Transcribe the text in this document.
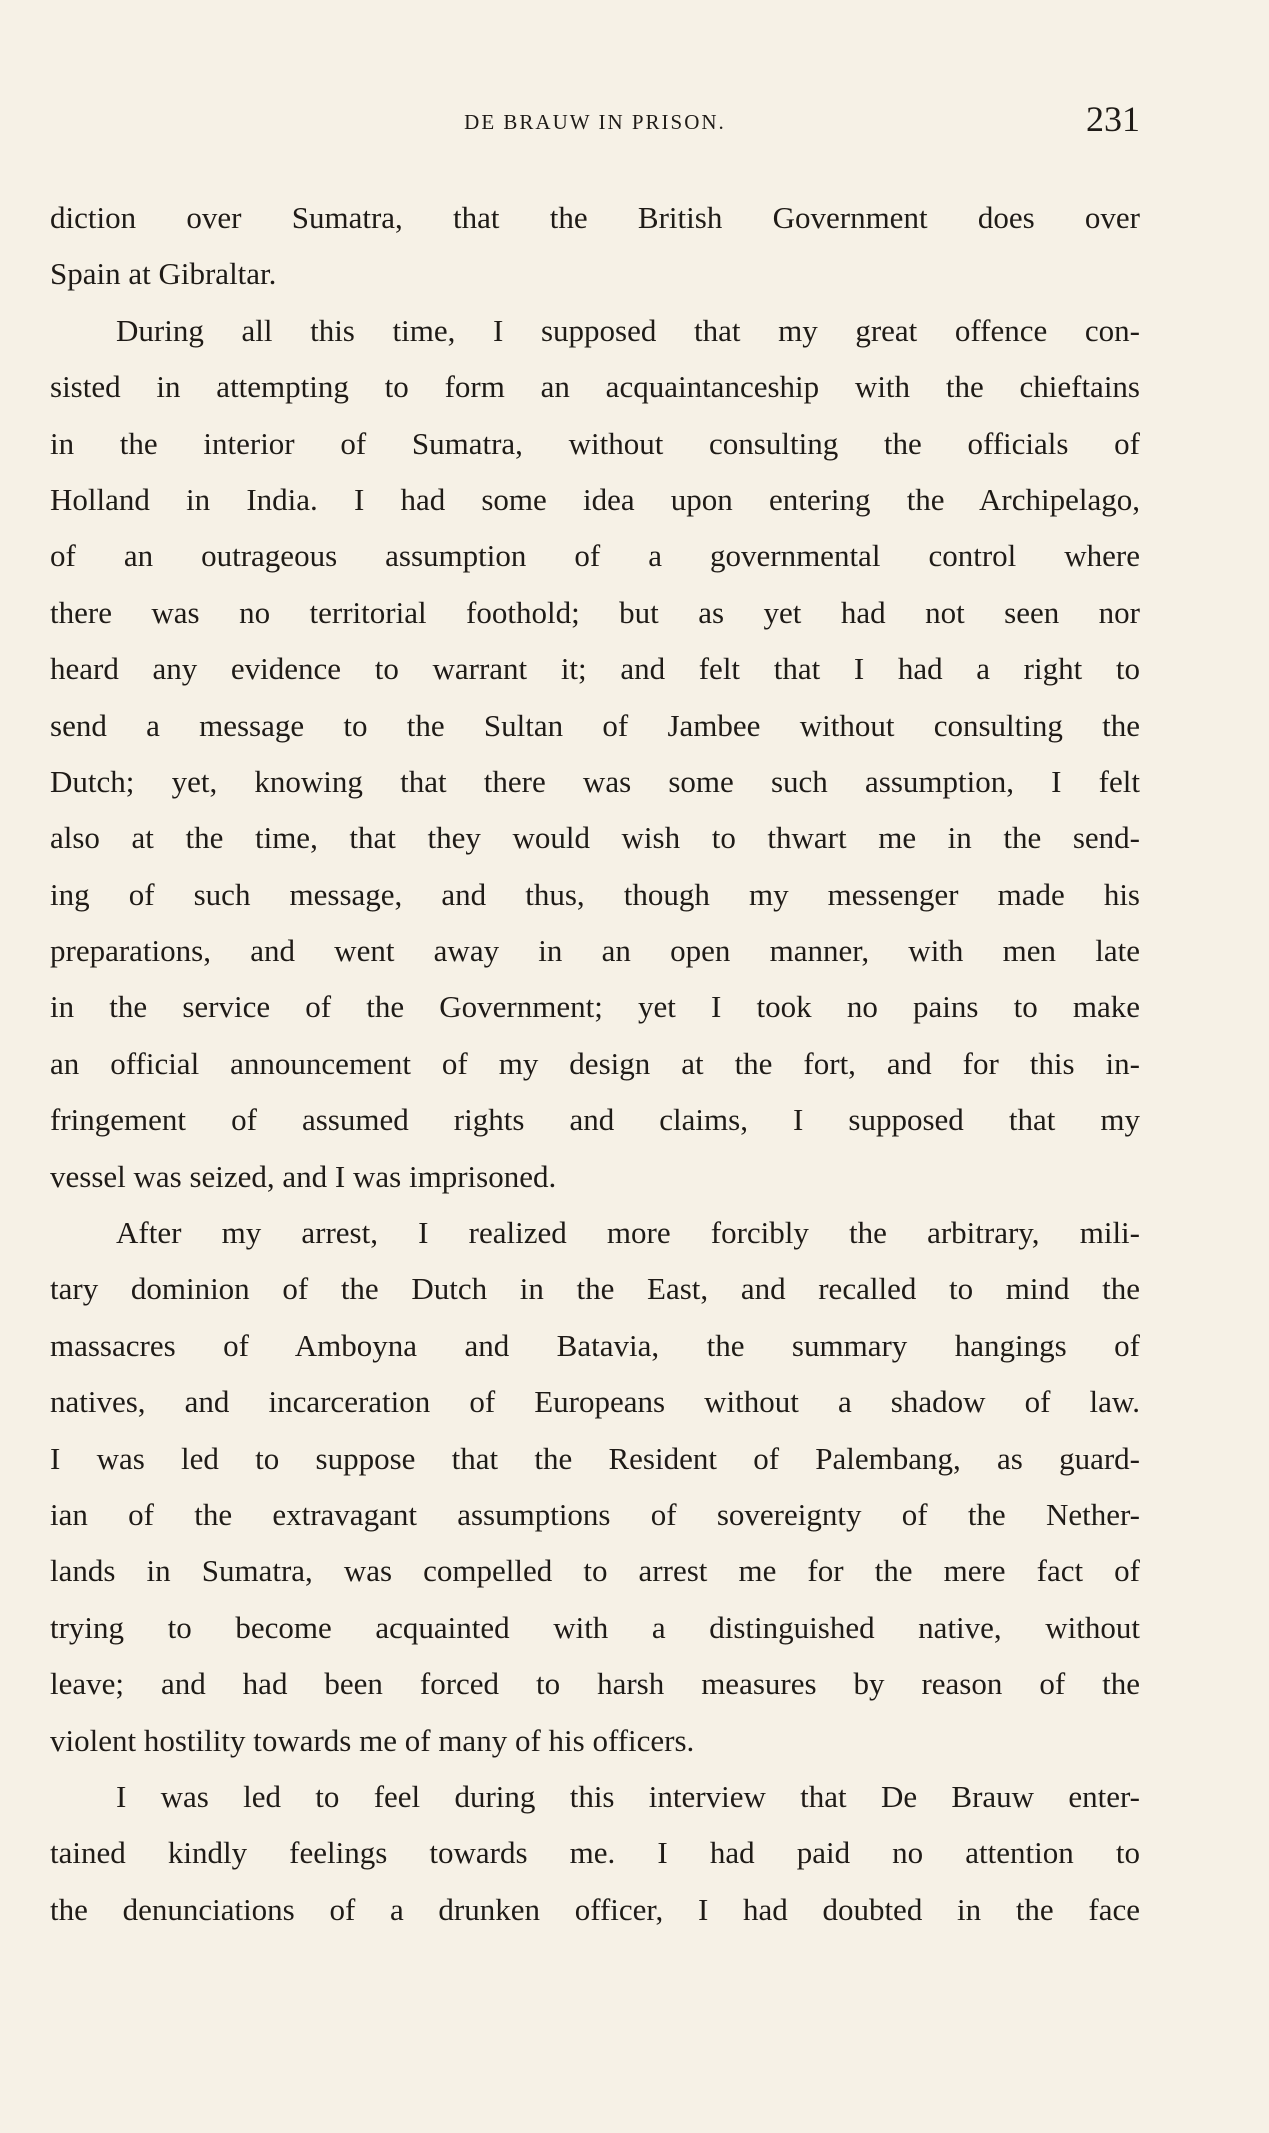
DE BRAUW IN PRISON.	231
diction over Sumatra, that the British Government does over
Spain at Gibraltar.
During all this time, I supposed that my great offence con-
sisted in attempting to form an acquaintanceship with the chieftains
in the interior of Sumatra, without consulting the officials of
Holland in India. I had some idea upon entering the Archipelago,
of an outrageous assumption of a governmental control where
there was no territorial foothold; but as yet had not seen nor
heard any evidence to warrant it; and felt that I had a right to
send a message to the Sultan of Jambee without consulting the
Dutch; yet, knowing that there was some such assumption, I felt
also at the time, that they would wish to thwart me in the send-
ing of such message, and thus, though my messenger made his
preparations, and went away in an open manner, with men late
in the service of the Government; yet I took no pains to make
an official announcement of my design at the fort, and for this in-
fringement of assumed rights and claims, I supposed that my
vessel was seized, and I was imprisoned.
After my arrest, I realized more forcibly the arbitrary, mili-
tary dominion of the Dutch in the East, and recalled to mind the
massacres of Amboyna and Batavia, the summary hangings of
natives, and incarceration of Europeans without a shadow of law.
I was led to suppose that the Resident of Palembang, as guard-
ian of the extravagant assumptions of sovereignty of the Nether-
lands in Sumatra, was compelled to arrest me for the mere fact of
trying to become acquainted with a distinguished native, without
leave; and had been forced to harsh measures by reason of the
violent hostility towards me of many of his officers.
I was led to feel during this interview that De Brauw enter-
tained kindly feelings towards me. I had paid no attention to
the denunciations of a drunken officer, I had doubted in the face
